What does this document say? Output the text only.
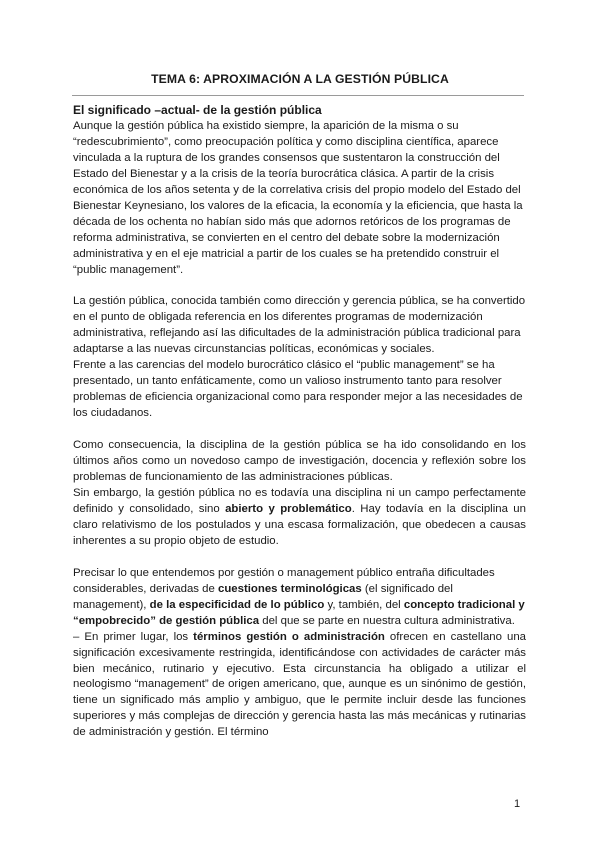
TEMA 6: APROXIMACIÓN A LA GESTIÓN PÚBLICA

El significado –actual- de la gestión pública

Aunque la gestión pública ha existido siempre, la aparición de la misma o su “redescubrimiento”, como preocupación política y como disciplina científica, aparece vinculada a la ruptura de los grandes consensos que sustentaron la construcción del Estado del Bienestar y a la crisis de la teoría burocrática clásica. A partir de la crisis económica de los años setenta y de la correlativa crisis del propio modelo del Estado del Bienestar Keynesiano, los valores de la eficacia, la economía y la eficiencia, que hasta la década de los ochenta no habían sido más que adornos retóricos de los programas de reforma administrativa, se convierten en el centro del debate sobre la modernización administrativa y en el eje matricial a partir de los cuales se ha pretendido construir el “public management”.

La gestión pública, conocida también como dirección y gerencia pública, se ha convertido en el punto de obligada referencia en los diferentes programas de modernización administrativa, reflejando así las dificultades de la administración pública tradicional para adaptarse a las nuevas circunstancias políticas, económicas y sociales.

Frente a las carencias del modelo burocrático clásico el “public management” se ha presentado, un tanto enfáticamente, como un valioso instrumento tanto para resolver problemas de eficiencia organizacional como para responder mejor a las necesidades de los ciudadanos.

Como consecuencia, la disciplina de la gestión pública se ha ido consolidando en los últimos años como un novedoso campo de investigación, docencia y reflexión sobre los problemas de funcionamiento de las administraciones públicas.

Sin embargo, la gestión pública no es todavía una disciplina ni un campo perfectamente definido y consolidado, sino abierto y problemático. Hay todavía en la disciplina un claro relativismo de los postulados y una escasa formalización, que obedecen a causas inherentes a su propio objeto de estudio.

Precisar lo que entendemos por gestión o management público entraña dificultades considerables, derivadas de cuestiones terminológicas (el significado del management), de la especificidad de lo público y, también, del concepto tradicional y “empobrecido” de gestión pública del que se parte en nuestra cultura administrativa.

– En primer lugar, los términos gestión o administración ofrecen en castellano una significación excesivamente restringida, identificándose con actividades de carácter más bien mecánico, rutinario y ejecutivo. Esta circunstancia ha obligado a utilizar el neologismo “management” de origen americano, que, aunque es un sinónimo de gestión, tiene un significado más amplio y ambiguo, que le permite incluir desde las funciones superiores y más complejas de dirección y gerencia hasta las más mecánicas y rutinarias de administración y gestión. El término

1
